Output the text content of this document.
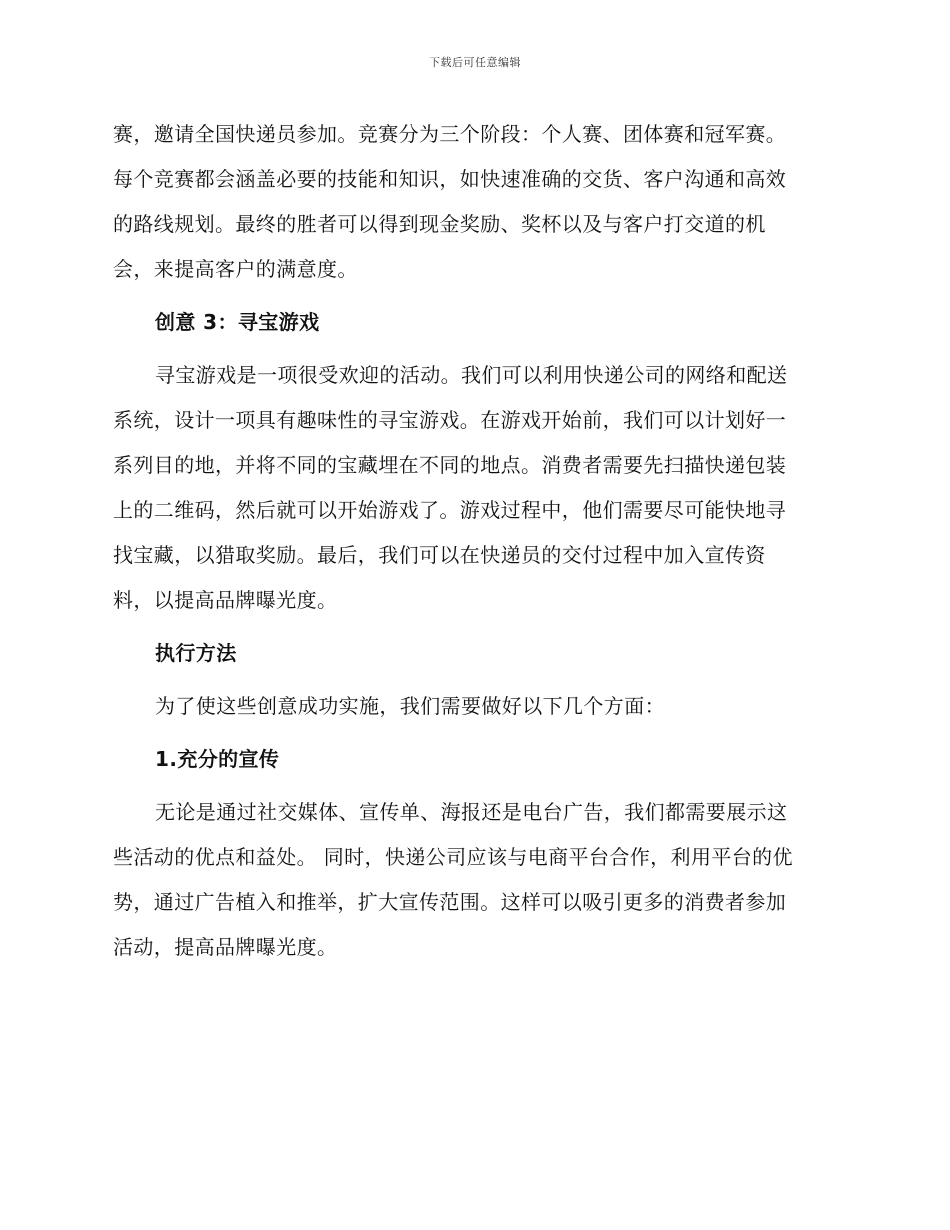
下载后可任意编辑
赛，邀请全国快递员参加。竞赛分为三个阶段：个人赛、团体赛和冠军赛。
每个竞赛都会涵盖必要的技能和知识，如快速准确的交货、客户沟通和高效
的路线规划。最终的胜者可以得到现金奖励、奖杯以及与客户打交道的机
会，来提高客户的满意度。
创意 3：寻宝游戏
寻宝游戏是一项很受欢迎的活动。我们可以利用快递公司的网络和配送
系统，设计一项具有趣味性的寻宝游戏。在游戏开始前，我们可以计划好一
系列目的地，并将不同的宝藏埋在不同的地点。消费者需要先扫描快递包装
上的二维码，然后就可以开始游戏了。游戏过程中，他们需要尽可能快地寻
找宝藏，以猎取奖励。最后，我们可以在快递员的交付过程中加入宣传资
料，以提高品牌曝光度。
执行方法
为了使这些创意成功实施，我们需要做好以下几个方面：
1.充分的宣传
无论是通过社交媒体、宣传单、海报还是电台广告，我们都需要展示这
些活动的优点和益处。 同时，快递公司应该与电商平台合作，利用平台的优
势，通过广告植入和推举，扩大宣传范围。这样可以吸引更多的消费者参加
活动，提高品牌曝光度。
